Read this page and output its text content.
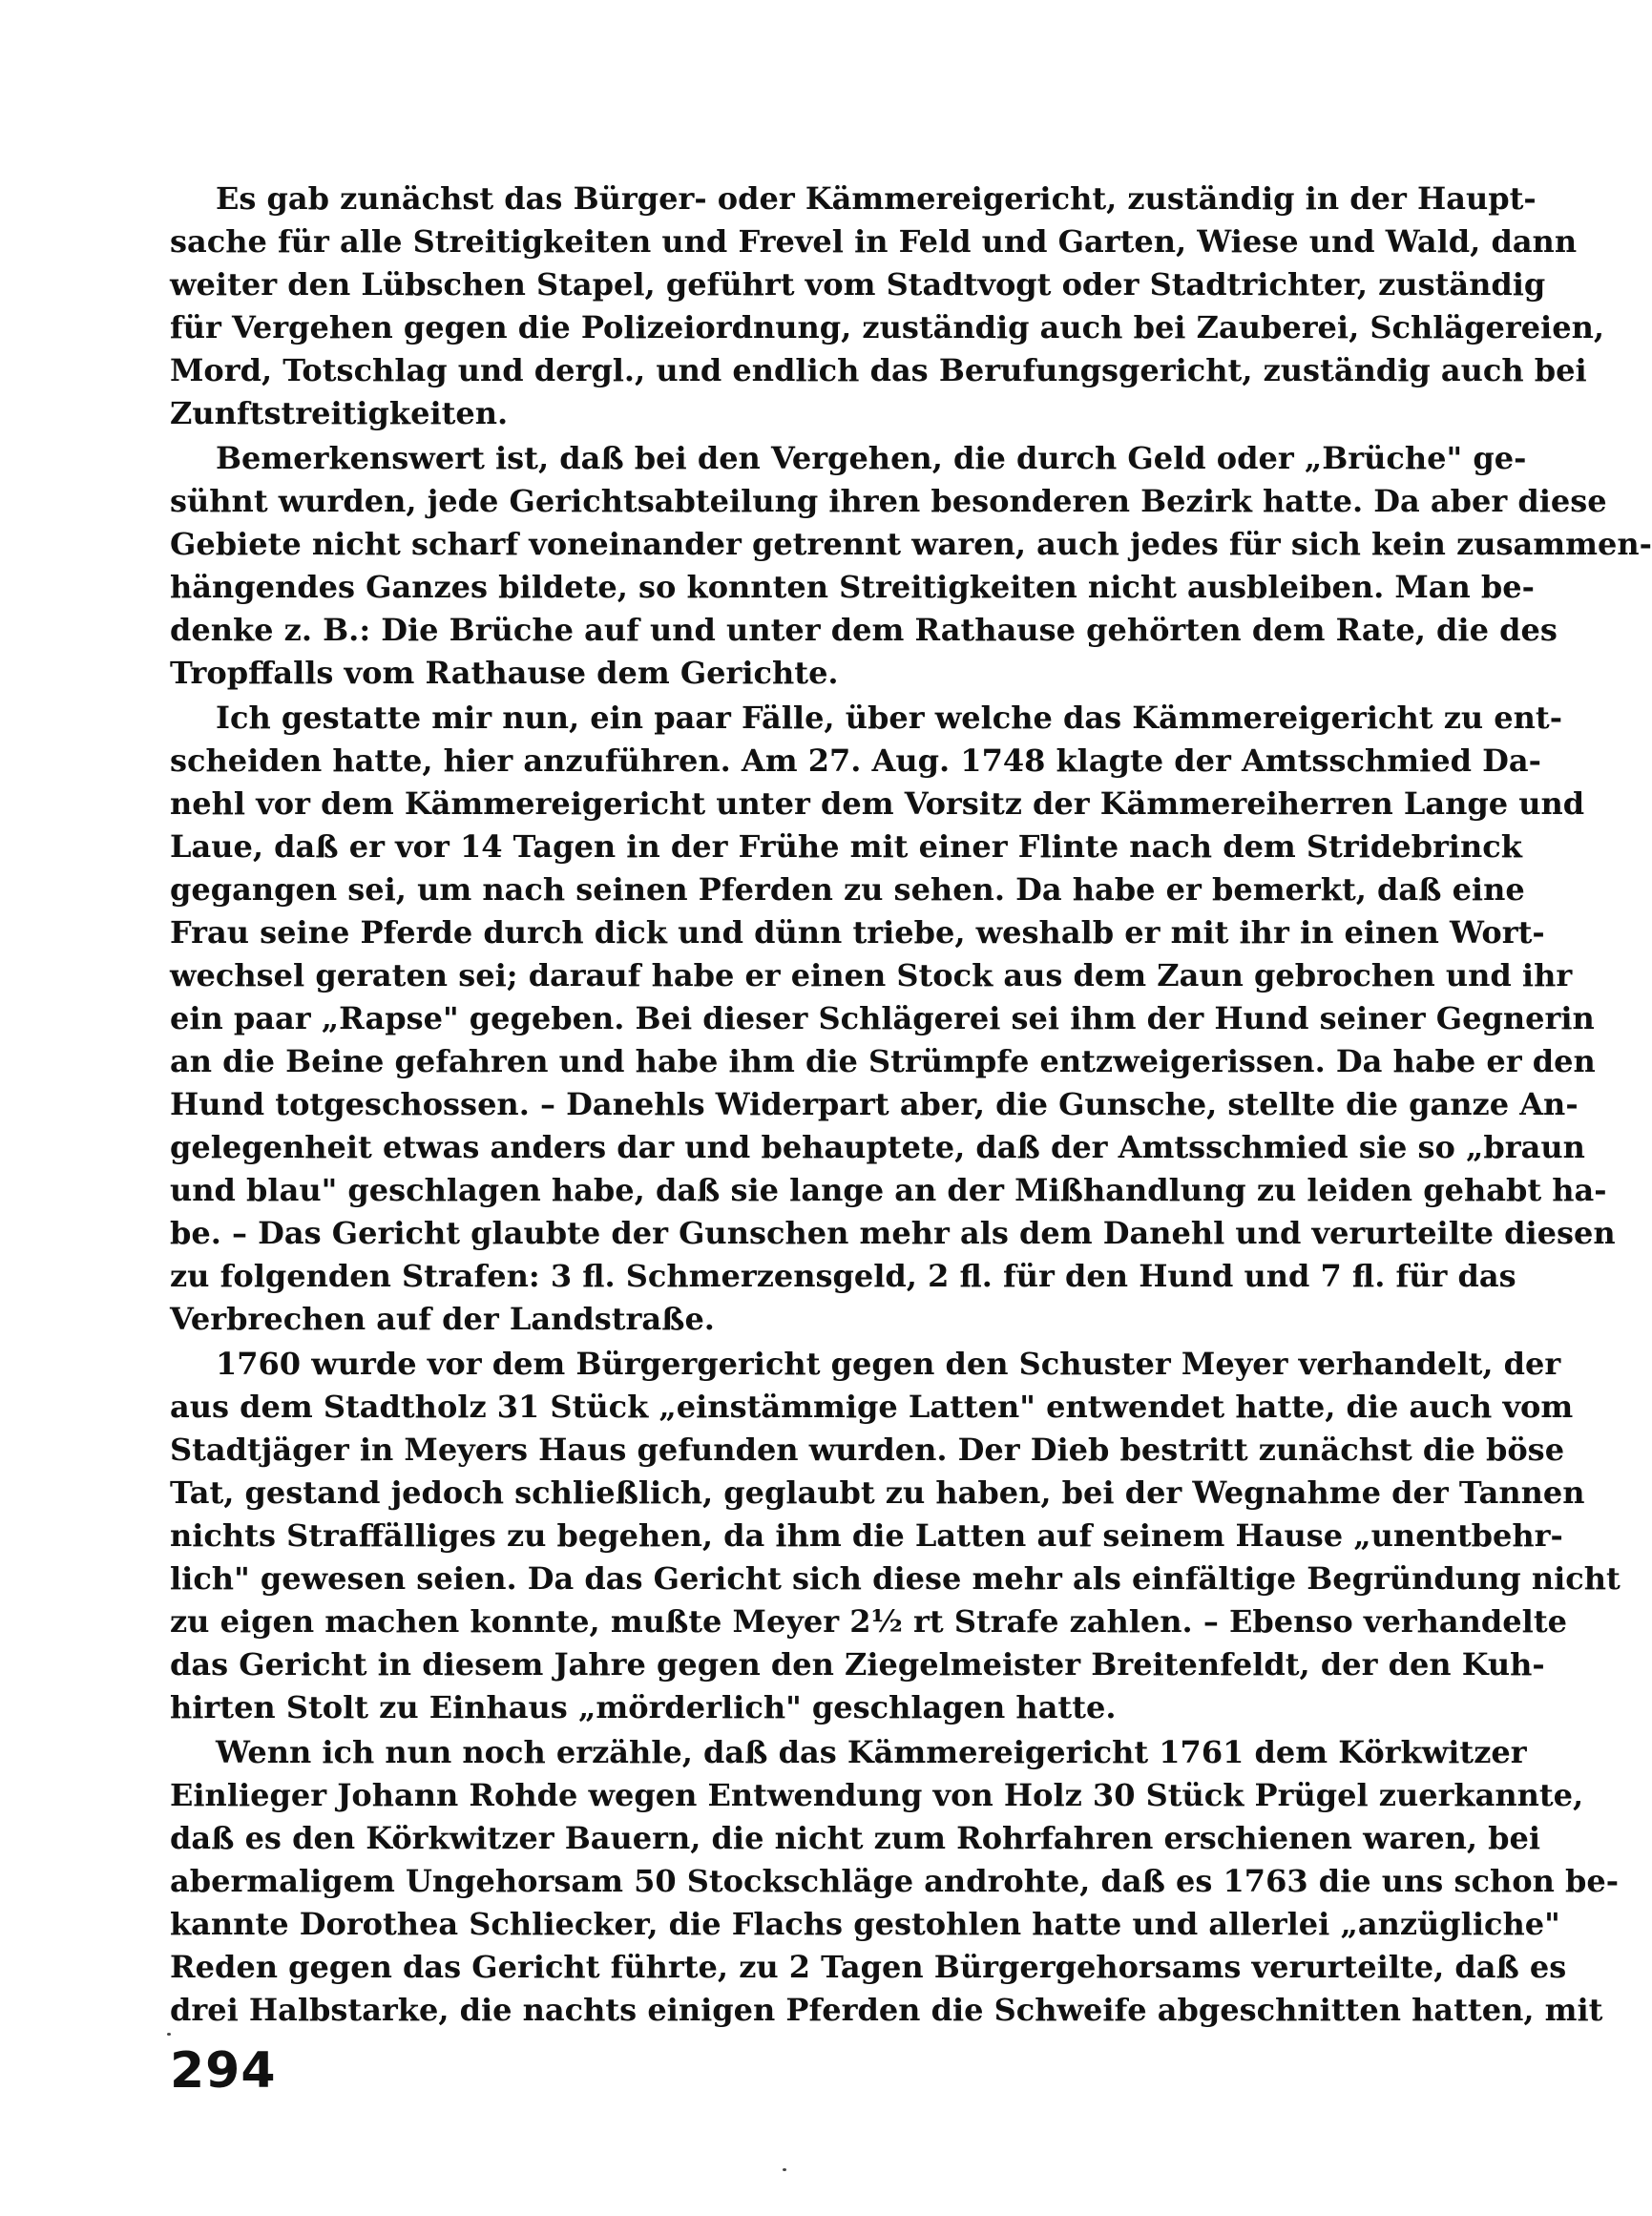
Es gab zunächst das Bürger- oder Kämmereigericht, zuständig in der Haupt-
sache für alle Streitigkeiten und Frevel in Feld und Garten, Wiese und Wald, dann
weiter den Lübschen Stapel, geführt vom Stadtvogt oder Stadtrichter, zuständig
für Vergehen gegen die Polizeiordnung, zuständig auch bei Zauberei, Schlägereien,
Mord, Totschlag und dergl., und endlich das Berufungsgericht, zuständig auch bei
Zunftstreitigkeiten.
Bemerkenswert ist, daß bei den Vergehen, die durch Geld oder „Brüche" ge-
sühnt wurden, jede Gerichtsabteilung ihren besonderen Bezirk hatte. Da aber diese
Gebiete nicht scharf voneinander getrennt waren, auch jedes für sich kein zusammen-
hängendes Ganzes bildete, so konnten Streitigkeiten nicht ausbleiben. Man be-
denke z. B.: Die Brüche auf und unter dem Rathause gehörten dem Rate, die des
Tropffalls vom Rathause dem Gerichte.
Ich gestatte mir nun, ein paar Fälle, über welche das Kämmereigericht zu ent-
scheiden hatte, hier anzuführen. Am 27. Aug. 1748 klagte der Amtsschmied Da-
nehl vor dem Kämmereigericht unter dem Vorsitz der Kämmereiherren Lange und
Laue, daß er vor 14 Tagen in der Frühe mit einer Flinte nach dem Stridebrinck
gegangen sei, um nach seinen Pferden zu sehen. Da habe er bemerkt, daß eine
Frau seine Pferde durch dick und dünn triebe, weshalb er mit ihr in einen Wort-
wechsel geraten sei; darauf habe er einen Stock aus dem Zaun gebrochen und ihr
ein paar „Rapse" gegeben. Bei dieser Schlägerei sei ihm der Hund seiner Gegnerin
an die Beine gefahren und habe ihm die Strümpfe entzweigerissen. Da habe er den
Hund totgeschossen. – Danehls Widerpart aber, die Gunsche, stellte die ganze An-
gelegenheit etwas anders dar und behauptete, daß der Amtsschmied sie so „braun
und blau" geschlagen habe, daß sie lange an der Mißhandlung zu leiden gehabt ha-
be. – Das Gericht glaubte der Gunschen mehr als dem Danehl und verurteilte diesen
zu folgenden Strafen: 3 fl. Schmerzensgeld, 2 fl. für den Hund und 7 fl. für das
Verbrechen auf der Landstraße.
1760 wurde vor dem Bürgergericht gegen den Schuster Meyer verhandelt, der
aus dem Stadtholz 31 Stück „einstämmige Latten" entwendet hatte, die auch vom
Stadtjäger in Meyers Haus gefunden wurden. Der Dieb bestritt zunächst die böse
Tat, gestand jedoch schließlich, geglaubt zu haben, bei der Wegnahme der Tannen
nichts Straffälliges zu begehen, da ihm die Latten auf seinem Hause „unentbehr-
lich" gewesen seien. Da das Gericht sich diese mehr als einfältige Begründung nicht
zu eigen machen konnte, mußte Meyer 2½ rt Strafe zahlen. – Ebenso verhandelte
das Gericht in diesem Jahre gegen den Ziegelmeister Breitenfeldt, der den Kuh-
hirten Stolt zu Einhaus „mörderlich" geschlagen hatte.
Wenn ich nun noch erzähle, daß das Kämmereigericht 1761 dem Körkwitzer
Einlieger Johann Rohde wegen Entwendung von Holz 30 Stück Prügel zuerkannte,
daß es den Körkwitzer Bauern, die nicht zum Rohrfahren erschienen waren, bei
abermaligem Ungehorsam 50 Stockschläge androhte, daß es 1763 die uns schon be-
kannte Dorothea Schliecker, die Flachs gestohlen hatte und allerlei „anzügliche"
Reden gegen das Gericht führte, zu 2 Tagen Bürgergehorsams verurteilte, daß es
drei Halbstarke, die nachts einigen Pferden die Schweife abgeschnitten hatten, mit
294
